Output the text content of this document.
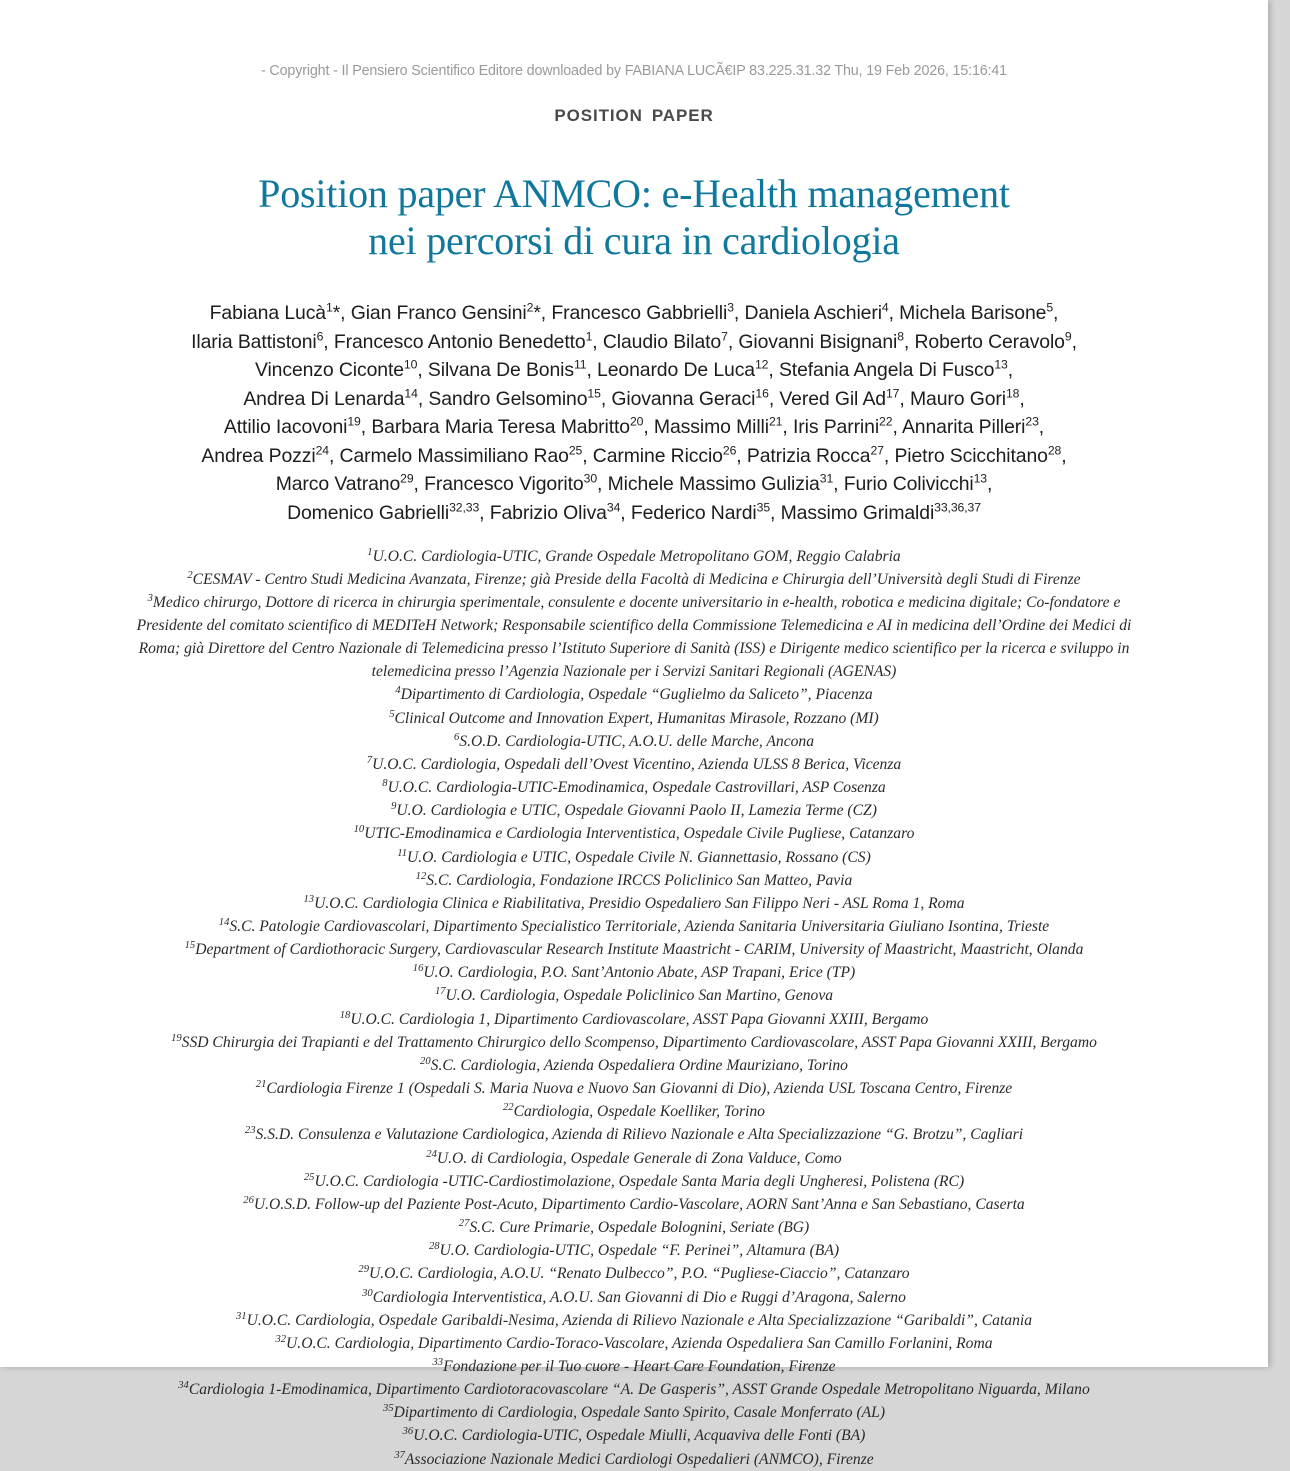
- Copyright - Il Pensiero Scientifico Editore downloaded by FABIANA LUCÃ€IP 83.225.31.32 Thu, 19 Feb 2026, 15:16:41
POSITION PAPER
Position paper ANMCO: e-Health management
nei percorsi di cura in cardiologia
Fabiana Lucà$^1$*, Gian Franco Gensini$^2$*, Francesco Gabbrielli$^3$, Daniela Aschieri$^4$, Michela Barisone$^5$,
Ilaria Battistoni$^6$, Francesco Antonio Benedetto$^1$, Claudio Bilato$^7$, Giovanni Bisignani$^8$, Roberto Ceravolo$^9$,
Vincenzo Ciconte$^{10}$, Silvana De Bonis$^{11}$, Leonardo De Luca$^{12}$, Stefania Angela Di Fusco$^{13}$,
Andrea Di Lenarda$^{14}$, Sandro Gelsomino$^{15}$, Giovanna Geraci$^{16}$, Vered Gil Ad$^{17}$, Mauro Gori$^{18}$,
Attilio Iacovoni$^{19}$, Barbara Maria Teresa Mabritto$^{20}$, Massimo Milli$^{21}$, Iris Parrini$^{22}$, Annarita Pilleri$^{23}$,
Andrea Pozzi$^{24}$, Carmelo Massimiliano Rao$^{25}$, Carmine Riccio$^{26}$, Patrizia Rocca$^{27}$, Pietro Scicchitano$^{28}$,
Marco Vatrano$^{29}$, Francesco Vigorito$^{30}$, Michele Massimo Gulizia$^{31}$, Furio Colivicchi$^{13}$,
Domenico Gabrielli$^{32,33}$, Fabrizio Oliva$^{34}$, Federico Nardi$^{35}$, Massimo Grimaldi$^{33,36,37}$
$^1$U.O.C. Cardiologia-UTIC, Grande Ospedale Metropolitano GOM, Reggio Calabria
$^2$CESMAV - Centro Studi Medicina Avanzata, Firenze; già Preside della Facoltà di Medicina e Chirurgia dell’Università degli Studi di Firenze
$^3$Medico chirurgo, Dottore di ricerca in chirurgia sperimentale, consulente e docente universitario in e-health, robotica e medicina digitale; Co-fondatore e Presidente del comitato scientifico di MEDITeH Network; Responsabile scientifico della Commissione Telemedicina e AI in medicina dell’Ordine dei Medici di Roma; già Direttore del Centro Nazionale di Telemedicina presso l’Istituto Superiore di Sanità (ISS) e Dirigente medico scientifico per la ricerca e sviluppo in telemedicina presso l’Agenzia Nazionale per i Servizi Sanitari Regionali (AGENAS)
$^4$Dipartimento di Cardiologia, Ospedale “Guglielmo da Saliceto”, Piacenza
$^5$Clinical Outcome and Innovation Expert, Humanitas Mirasole, Rozzano (MI)
$^6$S.O.D. Cardiologia-UTIC, A.O.U. delle Marche, Ancona
$^7$U.O.C. Cardiologia, Ospedali dell’Ovest Vicentino, Azienda ULSS 8 Berica, Vicenza
$^8$U.O.C. Cardiologia-UTIC-Emodinamica, Ospedale Castrovillari, ASP Cosenza
$^9$U.O. Cardiologia e UTIC, Ospedale Giovanni Paolo II, Lamezia Terme (CZ)
$^{10}$UTIC-Emodinamica e Cardiologia Interventistica, Ospedale Civile Pugliese, Catanzaro
$^{11}$U.O. Cardiologia e UTIC, Ospedale Civile N. Giannettasio, Rossano (CS)
$^{12}$S.C. Cardiologia, Fondazione IRCCS Policlinico San Matteo, Pavia
$^{13}$U.O.C. Cardiologia Clinica e Riabilitativa, Presidio Ospedaliero San Filippo Neri - ASL Roma 1, Roma
$^{14}$S.C. Patologie Cardiovascolari, Dipartimento Specialistico Territoriale, Azienda Sanitaria Universitaria Giuliano Isontina, Trieste
$^{15}$Department of Cardiothoracic Surgery, Cardiovascular Research Institute Maastricht - CARIM, University of Maastricht, Maastricht, Olanda
$^{16}$U.O. Cardiologia, P.O. Sant’Antonio Abate, ASP Trapani, Erice (TP)
$^{17}$U.O. Cardiologia, Ospedale Policlinico San Martino, Genova
$^{18}$U.O.C. Cardiologia 1, Dipartimento Cardiovascolare, ASST Papa Giovanni XXIII, Bergamo
$^{19}$SSD Chirurgia dei Trapianti e del Trattamento Chirurgico dello Scompenso, Dipartimento Cardiovascolare, ASST Papa Giovanni XXIII, Bergamo
$^{20}$S.C. Cardiologia, Azienda Ospedaliera Ordine Mauriziano, Torino
$^{21}$Cardiologia Firenze 1 (Ospedali S. Maria Nuova e Nuovo San Giovanni di Dio), Azienda USL Toscana Centro, Firenze
$^{22}$Cardiologia, Ospedale Koelliker, Torino
$^{23}$S.S.D. Consulenza e Valutazione Cardiologica, Azienda di Rilievo Nazionale e Alta Specializzazione “G. Brotzu”, Cagliari
$^{24}$U.O. di Cardiologia, Ospedale Generale di Zona Valduce, Como
$^{25}$U.O.C. Cardiologia -UTIC-Cardiostimolazione, Ospedale Santa Maria degli Ungheresi, Polistena (RC)
$^{26}$U.O.S.D. Follow-up del Paziente Post-Acuto, Dipartimento Cardio-Vascolare, AORN Sant’Anna e San Sebastiano, Caserta
$^{27}$S.C. Cure Primarie, Ospedale Bolognini, Seriate (BG)
$^{28}$U.O. Cardiologia-UTIC, Ospedale “F. Perinei”, Altamura (BA)
$^{29}$U.O.C. Cardiologia, A.O.U. “Renato Dulbecco”, P.O. “Pugliese-Ciaccio”, Catanzaro
$^{30}$Cardiologia Interventistica, A.O.U. San Giovanni di Dio e Ruggi d’Aragona, Salerno
$^{31}$U.O.C. Cardiologia, Ospedale Garibaldi-Nesima, Azienda di Rilievo Nazionale e Alta Specializzazione “Garibaldi”, Catania
$^{32}$U.O.C. Cardiologia, Dipartimento Cardio-Toraco-Vascolare, Azienda Ospedaliera San Camillo Forlanini, Roma
$^{33}$Fondazione per il Tuo cuore - Heart Care Foundation, Firenze
$^{34}$Cardiologia 1-Emodinamica, Dipartimento Cardiotoracovascolare “A. De Gasperis”, ASST Grande Ospedale Metropolitano Niguarda, Milano
$^{35}$Dipartimento di Cardiologia, Ospedale Santo Spirito, Casale Monferrato (AL)
$^{36}$U.O.C. Cardiologia-UTIC, Ospedale Miulli, Acquaviva delle Fonti (BA)
$^{37}$Associazione Nazionale Medici Cardiologi Ospedalieri (ANMCO), Firenze
